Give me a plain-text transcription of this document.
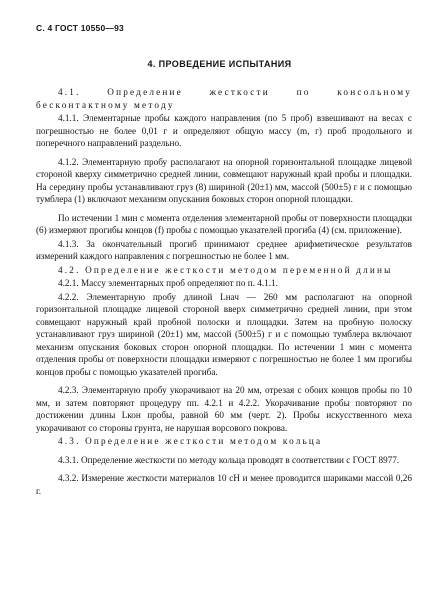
С. 4 ГОСТ 10550—93
4. ПРОВЕДЕНИЕ ИСПЫТАНИЯ

4.1. Определение жесткости по консольному бесконтактному методу

4.1.1. Элементарные пробы каждого направления (по 5 проб) взвешивают на весах с погрешностью не более 0,01 г и определяют общую массу (m, г) проб продольного и поперечного направлений раздельно.

4.1.2. Элементарную пробу располагают на опорной горизонтальной площадке лицевой стороной кверху симметрично средней линии, совмещают наружный край пробы и площадки. На середину пробы устанавливают груз (8) шириной (20±1) мм, массой (500±5) г и с помощью тумблера (1) включают механизм опускания боковых сторон опорной площадки.

По истечении 1 мин с момента отделения элементарной пробы от поверхности площадки (6) измеряют прогибы концов (f) пробы с помощью указателей прогиба (4) (см. приложение).

4.1.3. За окончательный прогиб принимают среднее арифметическое результатов измерений каждого направления с погрешностью не более 1 мм.

4.2. Определение жесткости методом переменной длины

4.2.1. Массу элементарных проб определяют по п. 4.1.1.

4.2.2. Элементарную пробу длиной Lнач — 260 мм располагают на опорной горизонтальной площадке лицевой стороной вверх симметрично средней линии, при этом совмещают наружный край пробной полоски и площадки. Затем на пробную полоску устанавливают груз шириной (20±1) мм, массой (500±5) г и с помощью тумблера включают механизм опускания боковых сторон опорной площадки. По истечении 1 мин с момента отделения пробы от поверхности площадки измеряют с погрешностью не более 1 мм прогибы концов пробы с помощью указателей прогиба.

4.2.3. Элементарную пробу укорачивают на 20 мм, отрезая с обоих концов пробы по 10 мм, и затем повторяют процедуру пп. 4.2.1 и 4.2.2. Укорачивание пробы повторяют по достижении длины Lкон пробы, равной 60 мм (черт. 2). Пробы искусственного меха укорачивают со стороны грунта, не нарушая ворсового покрова.

4.3. Определение жесткости методом кольца

4.3.1. Определение жесткости по методу кольца проводят в соответствии с ГОСТ 8977.

4.3.2. Измерение жесткости материалов 10 сН и менее проводится шариками массой 0,26 г.
